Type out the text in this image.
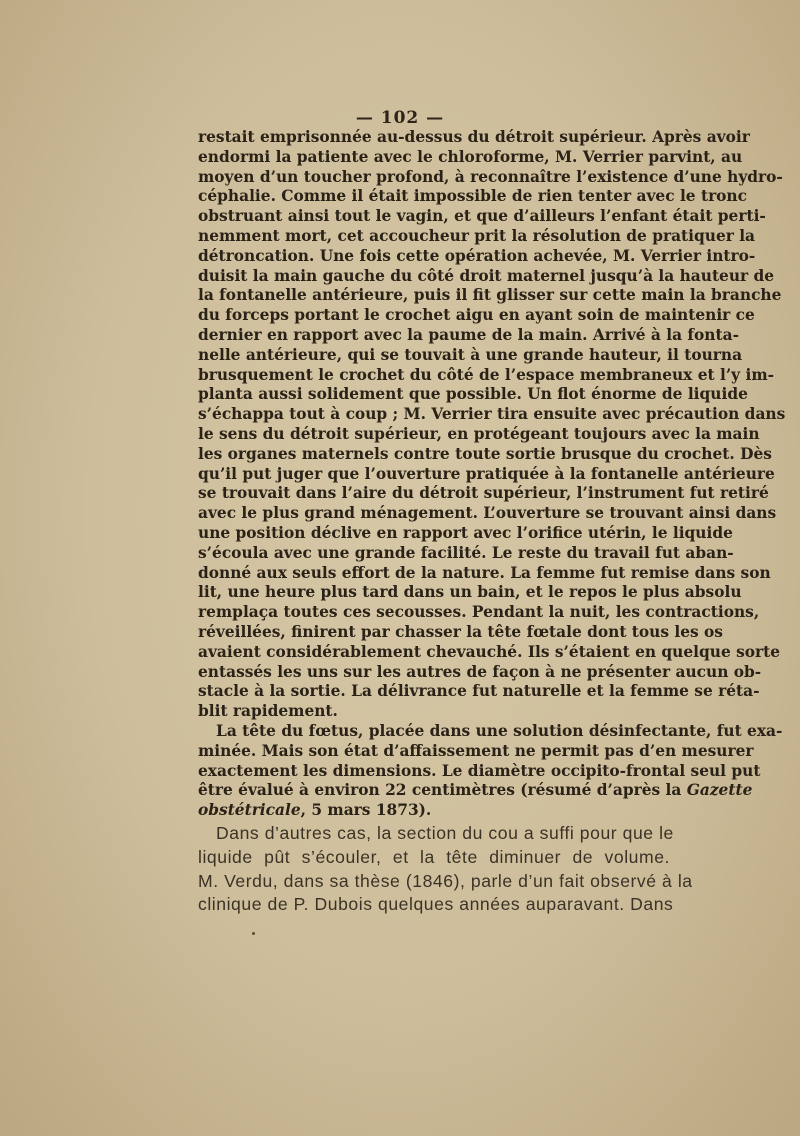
— 102 —

restait emprisonnée au-dessus du détroit supérieur. Après avoir

endormi la patiente avec le chloroforme, M. Verrier parvint, au

moyen d’un toucher profond, à reconnaître l’existence d’une hydro-

céphalie. Comme il était impossible de rien tenter avec le tronc

obstruant ainsi tout le vagin, et que d’ailleurs l’enfant était perti-

nemment mort, cet accoucheur prit la résolution de pratiquer la

détroncation. Une fois cette opération achevée, M. Verrier intro-

duisit la main gauche du côté droit maternel jusqu’à la hauteur de

la fontanelle antérieure, puis il fit glisser sur cette main la branche

du forceps portant le crochet aigu en ayant soin de maintenir ce

dernier en rapport avec la paume de la main. Arrivé à la fonta-

nelle antérieure, qui se touvait à une grande hauteur, il tourna

brusquement le crochet du côté de l’espace membraneux et l’y im-

planta aussi solidement que possible. Un flot énorme de liquide

s’échappa tout à coup ; M. Verrier tira ensuite avec précaution dans

le sens du détroit supérieur, en protégeant toujours avec la main

les organes maternels contre toute sortie brusque du crochet. Dès

qu’il put juger que l’ouverture pratiquée à la fontanelle antérieure

se trouvait dans l’aire du détroit supérieur, l’instrument fut retiré

avec le plus grand ménagement. L’ouverture se trouvant ainsi dans

une position déclive en rapport avec l’orifice utérin, le liquide

s’écoula avec une grande facilité. Le reste du travail fut aban-

donné aux seuls effort de la nature. La femme fut remise dans son

lit, une heure plus tard dans un bain, et le repos le plus absolu

remplaça toutes ces secousses. Pendant la nuit, les contractions,

réveillées, finirent par chasser la tête fœtale dont tous les os

avaient considérablement chevauché. Ils s’étaient en quelque sorte

entassés les uns sur les autres de façon à ne présenter aucun ob-

stacle à la sortie. La délivrance fut naturelle et la femme se réta-

blit rapidement.

La tête du fœtus, placée dans une solution désinfectante, fut exa-

minée. Mais son état d’affaissement ne permit pas d’en mesurer

exactement les dimensions. Le diamètre occipito-frontal seul put

être évalué à environ 22 centimètres (résumé d’après la Gazette

obstétricale, 5 mars 1873).

Dans d’autres cas, la section du cou a suffi pour que le

liquide pût s’écouler, et la tête diminuer de volume.

M. Verdu, dans sa thèse (1846), parle d’un fait observé à la

clinique de P. Dubois quelques années auparavant. Dans
